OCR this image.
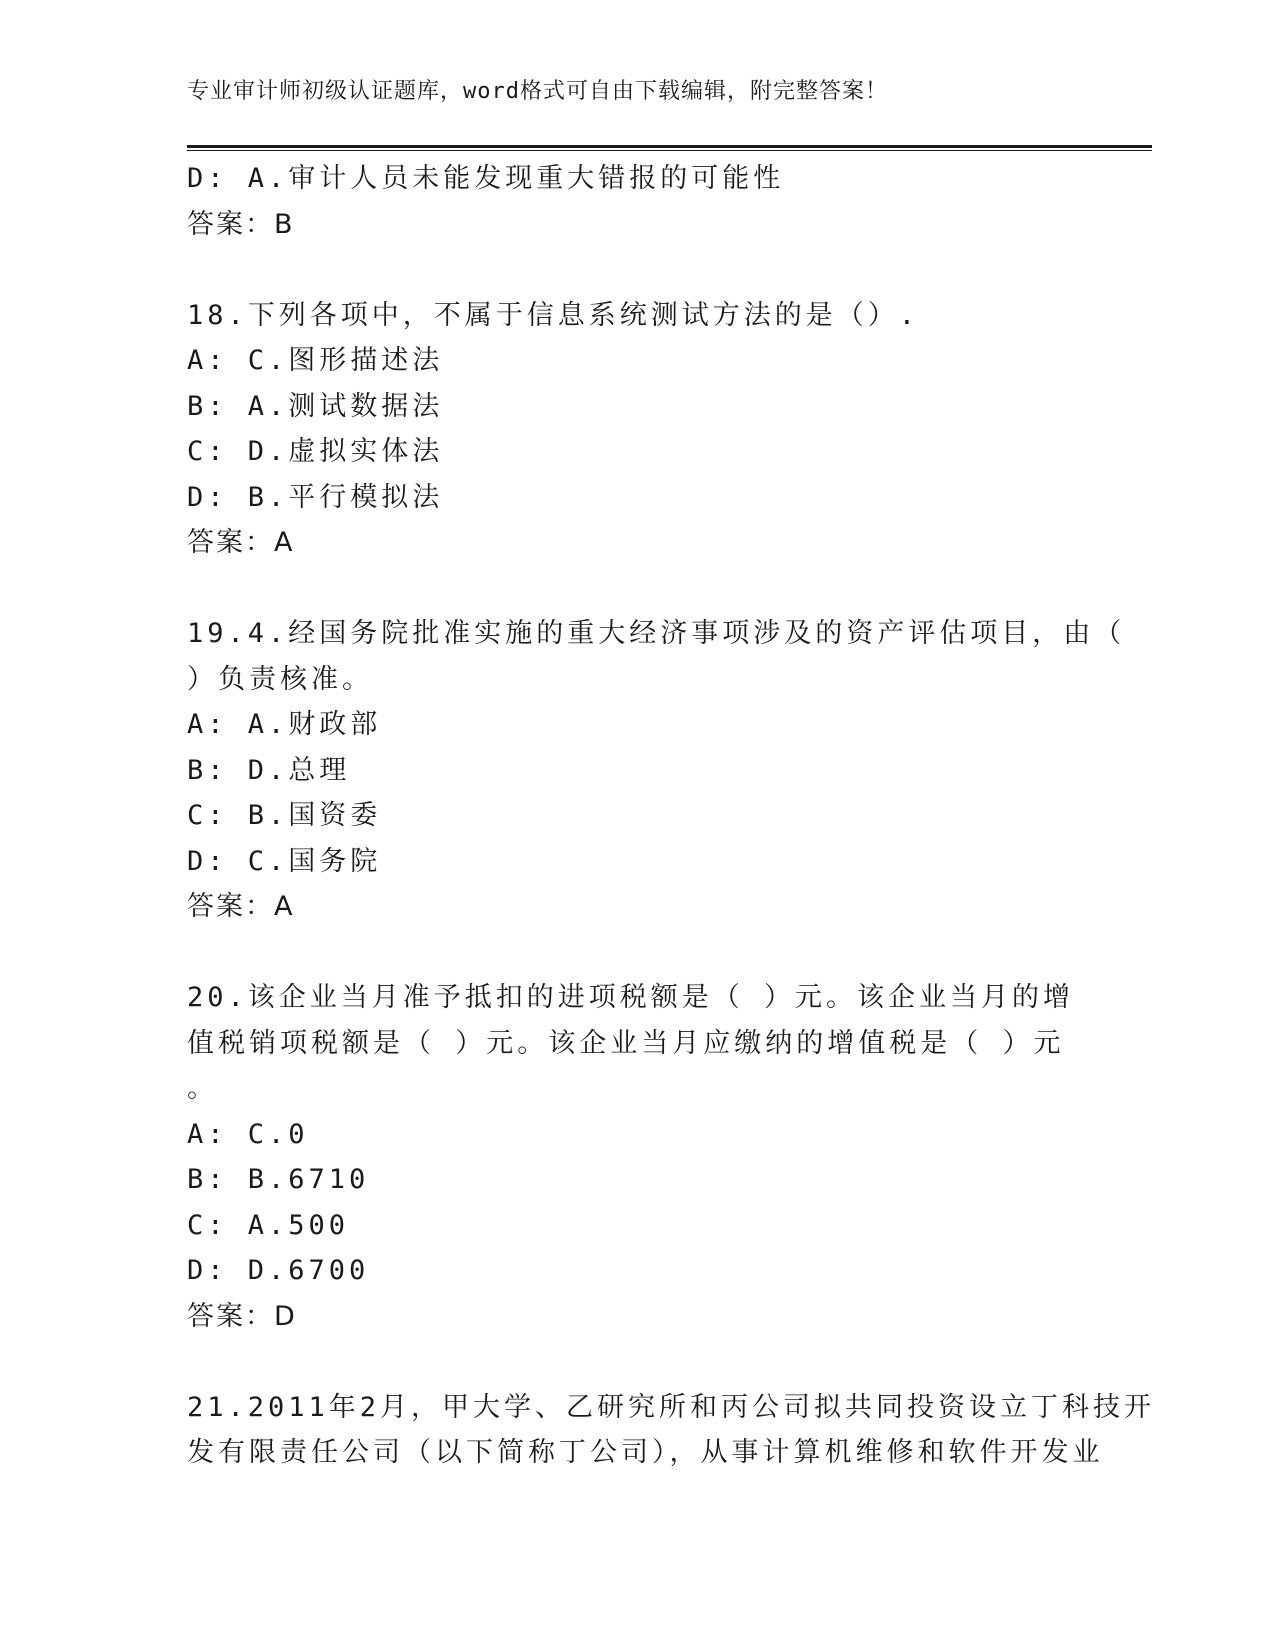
专业审计师初级认证题库，word格式可自由下载编辑，附完整答案！
D: A.审计人员未能发现重大错报的可能性
答案：B
18.下列各项中，不属于信息系统测试方法的是（）.
A: C.图形描述法
B: A.测试数据法
C: D.虚拟实体法
D: B.平行模拟法
答案：A
19.4.经国务院批准实施的重大经济事项涉及的资产评估项目，由（
）负责核准。
A: A.财政部
B: D.总理
C: B.国资委
D: C.国务院
答案：A
20.该企业当月准予抵扣的进项税额是（ ）元。该企业当月的增
值税销项税额是（ ）元。该企业当月应缴纳的增值税是（ ）元
。
A: C.0
B: B.6710
C: A.500
D: D.6700
答案：D
21.2011年2月，甲大学、乙研究所和丙公司拟共同投资设立丁科技开
发有限责任公司（以下简称丁公司），从事计算机维修和软件开发业
